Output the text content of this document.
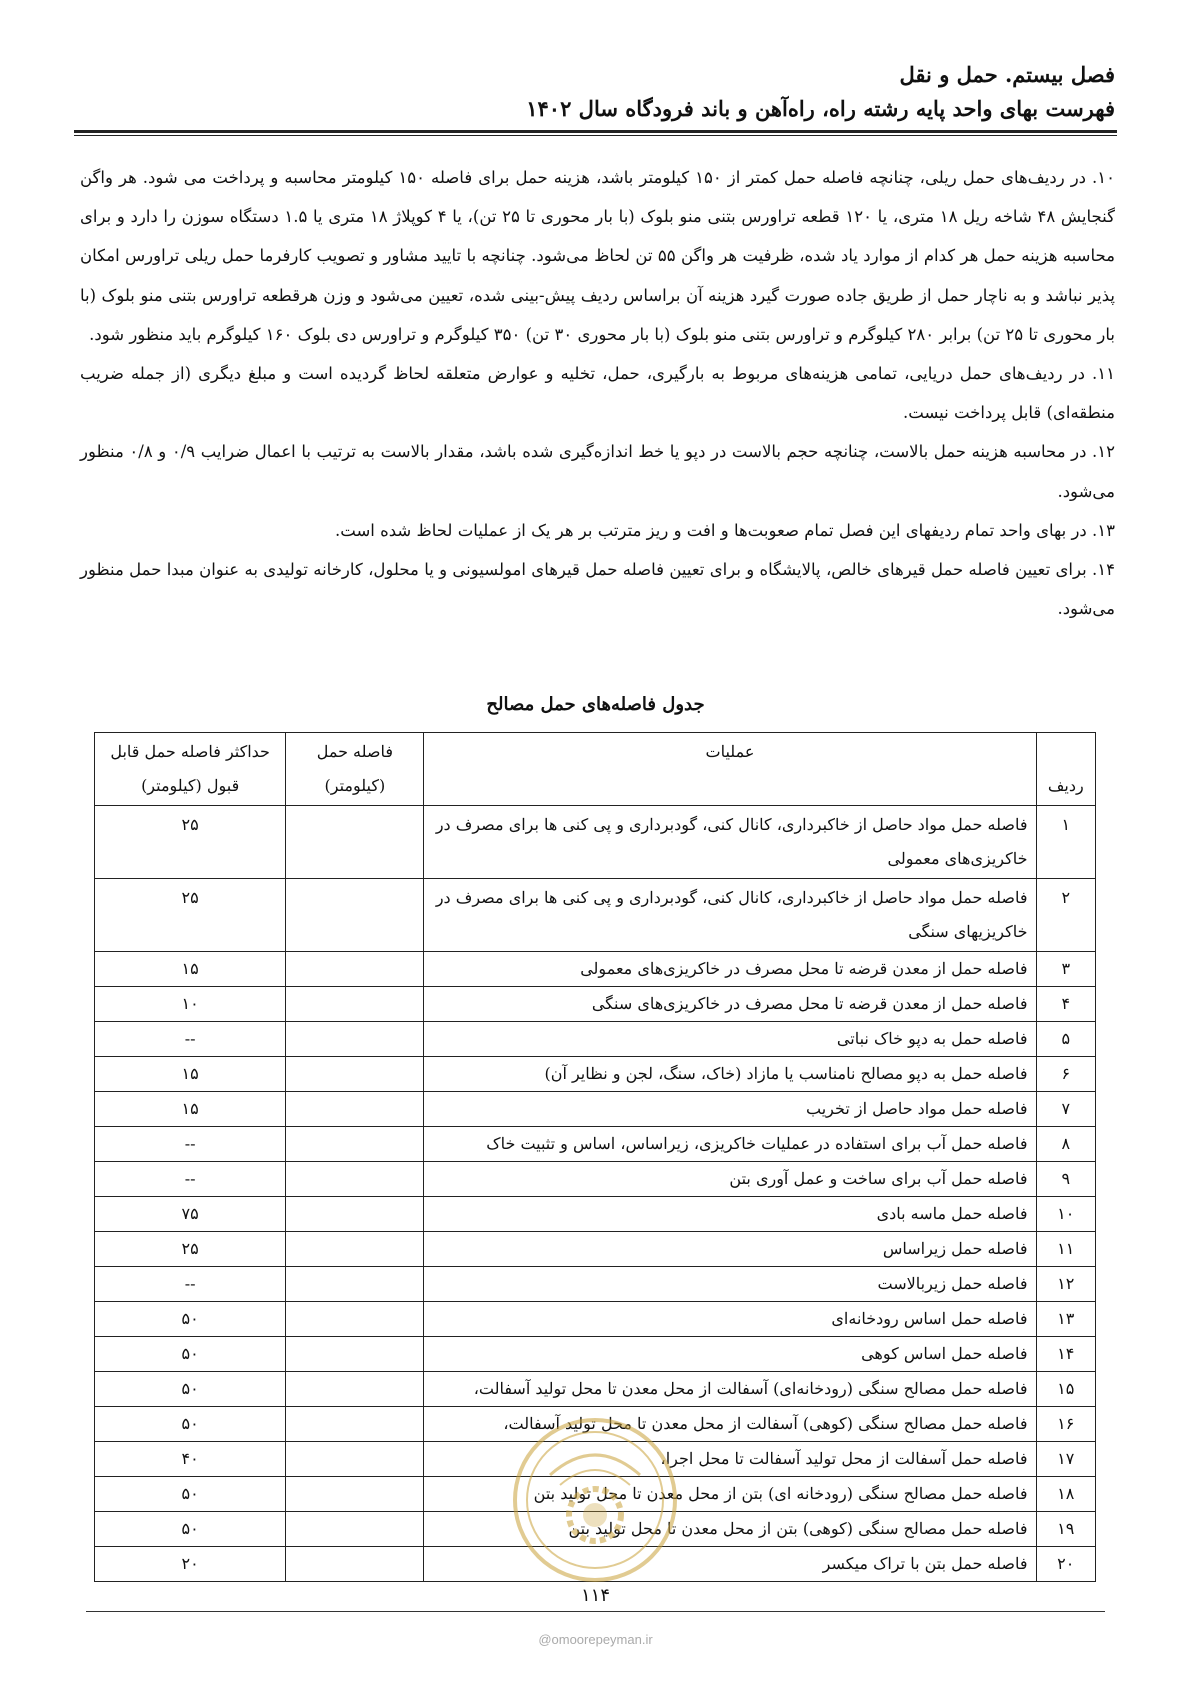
فصل بیستم. حمل و نقل
فهرست بهای واحد پایه رشته راه، راه‌آهن و باند فرودگاه سال ۱۴۰۲

۱۰. در ردیف‌های حمل ریلی، چنانچه فاصله حمل کمتر از ۱۵۰ کیلومتر باشد، هزینه حمل برای فاصله ۱۵۰ کیلومتر محاسبه و پرداخت می شود. هر واگن گنجایش ۴۸ شاخه ریل ۱۸ متری، یا ۱۲۰ قطعه تراورس بتنی منو بلوک (با بار محوری تا ۲۵ تن)، یا ۴ کوپلاژ ۱۸ متری یا ۱.۵ دستگاه سوزن را دارد و برای محاسبه هزینه حمل هر کدام از موارد یاد شده، ظرفیت هر واگن ۵۵ تن لحاظ می‌شود. چنانچه با تایید مشاور و تصویب کارفرما حمل ریلی تراورس امکان پذیر نباشد و به ناچار حمل از طریق جاده صورت گیرد هزینه آن براساس ردیف پیش-بینی شده، تعیین می‌شود و وزن هرقطعه تراورس بتنی منو بلوک (با بار محوری تا ۲۵ تن) برابر ۲۸۰ کیلوگرم و تراورس بتنی منو بلوک (با بار محوری ۳۰ تن) ۳۵۰ کیلوگرم و تراورس دی بلوک ۱۶۰ کیلوگرم باید منظور شود.

۱۱. در ردیف‌های حمل دریایی، تمامی هزینه‌های مربوط به بارگیری، حمل، تخلیه و عوارض متعلقه لحاظ گردیده است و مبلغ دیگری (از جمله ضریب منطقه‌ای) قابل پرداخت نیست.

۱۲. در محاسبه هزینه حمل بالاست، چنانچه حجم بالاست در دپو یا خط اندازه‌گیری شده باشد، مقدار بالاست به ترتیب با اعمال ضرایب ۰/۹ و ۰/۸ منظور می‌شود.

۱۳. در بهای واحد تمام ردیفهای این فصل تمام صعوبت‌ها و افت و ریز مترتب بر هر یک از عملیات لحاظ شده است.

۱۴. برای تعیین فاصله حمل قیرهای خالص، پالایشگاه و برای تعیین فاصله حمل قیرهای امولسیونی و یا محلول، کارخانه تولیدی به عنوان مبدا حمل منظور می‌شود.

جدول فاصله‌های حمل مصالح
ردیف	عملیات	فاصله حمل (کیلومتر)	حداکثر فاصله حمل قابل قبول (کیلومتر)
۱	فاصله حمل مواد حاصل از خاکبرداری، کانال کنی، گودبرداری و پی کنی ها برای مصرف در خاکریزی‌های معمولی		۲۵
۲	فاصله حمل مواد حاصل از خاکبرداری، کانال کنی، گودبرداری و پی کنی ها برای مصرف در خاکریزیهای سنگی		۲۵
۳	فاصله حمل از معدن قرضه تا محل مصرف در خاکریزی‌های معمولی		۱۵
۴	فاصله حمل از معدن قرضه تا محل مصرف در خاکریزی‌های سنگی		۱۰
۵	فاصله حمل به دپو خاک نباتی		--
۶	فاصله حمل به دپو مصالح نامناسب یا مازاد (خاک، سنگ، لجن و نظایر آن)		۱۵
۷	فاصله حمل مواد حاصل از تخریب		۱۵
۸	فاصله حمل آب برای استفاده در عملیات خاکریزی، زیراساس، اساس و تثبیت خاک		--
۹	فاصله حمل آب برای ساخت و عمل آوری بتن		--
۱۰	فاصله حمل ماسه بادی		۷۵
۱۱	فاصله حمل زیراساس		۲۵
۱۲	فاصله حمل زیربالاست		--
۱۳	فاصله حمل اساس رودخانه‌ای		۵۰
۱۴	فاصله حمل اساس کوهی		۵۰
۱۵	فاصله حمل مصالح سنگی (رودخانه‌ای) آسفالت از محل معدن تا محل تولید آسفالت،		۵۰
۱۶	فاصله حمل مصالح سنگی (کوهی) آسفالت از محل معدن تا محل تولید آسفالت،		۵۰
۱۷	فاصله حمل آسفالت از محل تولید آسفالت تا محل اجرا،		۴۰
۱۸	فاصله حمل مصالح سنگی (رودخانه ای) بتن از محل معدن تا محل تولید بتن		۵۰
۱۹	فاصله حمل مصالح سنگی (کوهی) بتن از محل معدن تا محل تولید بتن		۵۰
۲۰	فاصله حمل بتن با تراک میکسر		۲۰
۱۱۴
@omoorepeyman.ir
